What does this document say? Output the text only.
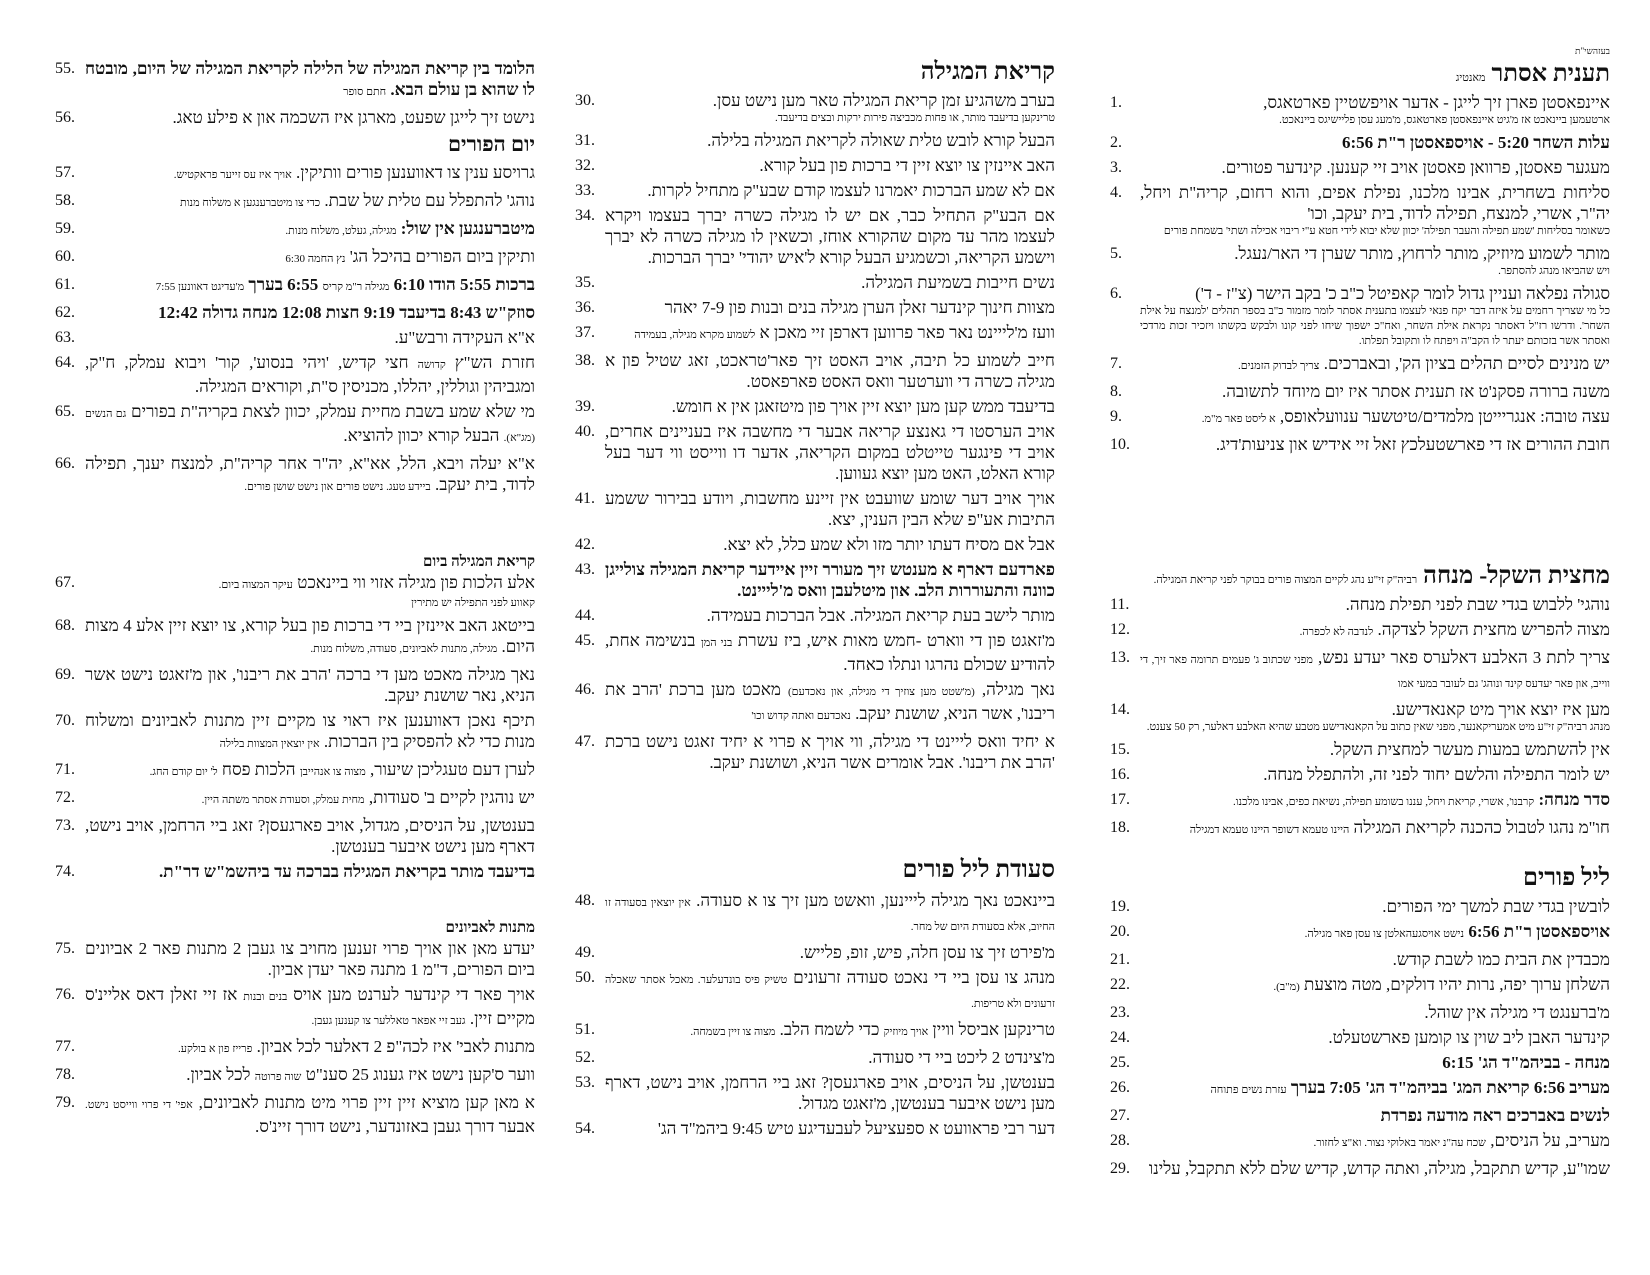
בעזהשי"ת
תענית אסתר מאנטיג
איינפאסטן פארן זיך לייגן - אדער אויפשטיין פארטאגס,
ארטעמען ביינאכט אז מ'גיט איינפאסטן פארטאגס, מ'מעג עסן פליישיגס ביינאכט.
1.
עלות השחר 5:20 - אויספאסטן ר"ת 6:56
2.
מעגער פאסטן, פרוואן פאסטן אויב זיי קענען. קינדער פטורים.
3.
סליחות בשחרית, אבינו מלכנו, נפילת אפים, והוא רחום, קריה"ת ויחל, יה"ר, אשרי, למנצח, תפילה לדוד, בית יעקב, וכו'
כשאומר בסליחות 'שמע תפילה והעבר תפילה' יכוון שלא יבוא לידי חטא ע"י ריבוי אכילה ושתי' בשמחת פורים
4.
מותר לשמוע מיוזיק, מותר לרחוץ, מותר שערן די האר/נעגל.
ויש שהביאו מנהג להסתפר.
5.
סגולה נפלאה ועניין גדול לומר קאפיטל כ"ב כ' בקב הישר (צ"ז - ד')
כל מי שצריך רחמים על איזה דבר יקח פנאי לעצמו בתענית אסתר לומר מזמור כ"ב בספר תהלים 'למנצח על אילת השחר'. ודרשו רז"ל דאסתר נקראת אילת השחר, ואח"כ ישפוך שיחו לפני קונו ולבקש בקשתו ויזכיר זכות מרדכי ואסתר אשר בזכותם יעתר לו הקב"ה ויפתח לו ותקובל תפלתו.
6.
יש מנינים לסיים תהלים בציון הק', ובאברכים. צריך לבדוק הזמנים.
7.
משנה ברורה פסקנ'ט אז תענית אסתר איז יום מיוחד לתשובה.
8.
עצה טובה: אנגריייטן מלמדים/טיטשער ענוועלאופס, א ליסט פאר מ"מ.
9.
חובת ההורים אז די פארשטעלכץ זאל זיי אידיש און צניעות'דיג.
10.
מחצית השקל- מנחה רביה"ק זי"ע נהג לקיים המצוה פורים בבוקר לפני קריאת המגילה.
נוהגי' ללבוש בגדי שבת לפני תפילת מנחה.
11.
מצוה להפריש מחצית השקל לצדקה. לנדבה לא לכפרה.
12.
צריך לתת 3 האלבע דאלערס פאר יעדע נפש, מפני שכתוב ג' פעמים תרומה פאר זיך, די ווייב, און פאר יעדעס קינד ונוהג' גם לעובר במעי אמו
13.
מען איז יוצא אויך מיט קאנאדישע.
מנהג רביה"ק זי"ע מיט אמעריקאנער, מפני שאין כתוב על הקאנאדישע מטבע שהיא האלבע דאלער, רק 50 צענט.
14.
אין להשתמש במעות מעשר למחצית השקל.
15.
יש לומר התפילה והלשם יחוד לפני זה, ולהתפלל מנחה.
16.
סדר מנחה: קרבנו', אשרי, קריאת ויחל, עננו בשומע תפילה, נשיאת כפים, אבינו מלכנו.
17.
חו"מ נהגו לטבול כהכנה לקריאת המגילה היינו טעמא דשופר היינו טעמא דמגילה
18.
ליל פורים
לובשין בגדי שבת למשך ימי הפורים.
19.
אויספאסטן ר"ת 6:56 נישט אויסגעהאלטן צו עסן פאר מגילה.
20.
מכבדין את הבית כמו לשבת קודש.
21.
השלחן ערוך יפה, נרות יהיו דולקים, מטה מוצעת (מ"ב).
22.
מ'ברענגט די מגילה אין שוהל.
23.
קינדער האבן ליב שוין צו קומען פארשטעלט.
24.
מנחה - בביהמ"ד הג' 6:15
25.
מעריב 6:56 קריאת המג' בביהמ"ד הג' 7:05 בערך עזרת נשים פתוחה
26.
לנשים באברכים ראה מודעה נפרדת
27.
מעריב, על הניסים, שכח עה"נ יאמר באלוקי נצור. וא"צ לחזור.
28.
שמו"ע, קדיש תתקבל, מגילה, ואתה קדוש, קדיש שלם ללא תתקבל, עלינו
29.
קריאת המגילה
בערב משהגיע זמן קריאת המגילה טאר מען נישט עסן.
טרינקען בדיעבד מותר, או פחות מכביצה פירות ירקות ובצים בדיעבד.
30.
הבעל קורא לובש טלית שאולה לקריאת המגילה בלילה.
31.
האב איינזין צו יוצא זיין די ברכות פון בעל קורא.
32.
אם לא שמע הברכות יאמרנו לעצמו קודם שבע"ק מתחיל לקרות.
33.
אם הבע"ק התחיל כבר, אם יש לו מגילה כשרה יברך בעצמו ויקרא לעצמו מהר עד מקום שהקורא אוחז, וכשאין לו מגילה כשרה לא יברך וישמע הקריאה, וכשמגיע הבעל קורא ל'איש יהודי' יברך הברכות.
34.
נשים חייבות בשמיעת המגילה.
35.
מצוות חינוך קינדער זאלן הערן מגילה בנים ובנות פון 7-9 יאהר
36.
וועז מ'לייינט נאר פאר פרווען דארפן זיי מאכן א לשמוע מקרא מגילה, בעמידה
37.
חייב לשמוע כל תיבה, אויב האסט זיך פאר'טראכט, זאג שטיל פון א מגילה כשרה די ווערטער וואס האסט פארפאסט.
38.
בדיעבד ממש קען מען יוצא זיין אויך פון מיטזאגן אין א חומש.
39.
אויב הערסטו די גאנצע קריאה אבער די מחשבה איז בעניינים אחרים, אויב די פינגער טייטלט במקום הקריאה, אדער דו ווייסט ווי דער בעל קורא האלט, האט מען יוצא געווען.
40.
אויך אויב דער שומע שוועבט אין זיינע מחשבות, ויודע בבירור ששמע התיבות אע"פ שלא הבין הענין, יצא.
41.
אבל אם מסיח דעתו יותר מזו ולא שמע כלל, לא יצא.
42.
פארדעם דארף א מענטש זיך מעורר זיין איידער קריאת המגילה צולייגן כוונה והתעוררות הלב. און מיטלעבן וואס מ'לייינט.
43.
מותר לישב בעת קריאת המגילה. אבל הברכות בעמידה.
44.
מ'זאגט פון די ווארט -חמש מאות איש, ביז עשרת בני המן בנשימה אחת, להודיע שכולם נהרגו ונתלו כאחד.
45.
נאך מגילה, (מ'שטט מען צוזיך די מגילה, און נאכדעם) מאכט מען ברכת 'הרב את ריבנו', אשר הניא, שושנת יעקב. נאכדעם ואתה קדוש וכו'
46.
א יחיד וואס לייינט די מגילה, ווי אויך א פרוי א יחיד זאגט נישט ברכת 'הרב את ריבנו'. אבל אומרים אשר הניא, ושושנת יעקב.
47.
סעודת ליל פורים
ביינאכט נאך מגילה לייינען, וואשט מען זיך צו א סעודה. אין יוצאין בסעודה זו החיוב, אלא בסעודת היום של מחר.
48.
מ'פירט זיך צו עסן חלה, פיש, זופ, פלייש.
49.
מנהג צו עסן ביי די נאכט סעודה זרעונים טשיק פיס בונדעלער. מאכל אסתר שאכלה זרעונים ולא טריפות.
50.
טרינקען אביסל וויין אויך מיוזיק כדי לשמח הלב. מצוה צו זיין בשמחה.
51.
מ'צינדט 2 ליכט ביי די סעודה.
52.
בענטשן, על הניסים, אויב פארגעסן? זאג ביי הרחמן, אויב נישט, דארף מען נישט איבער בענטשן, מ'זאגט מגדול.
53.
דער רבי פראוועט א ספעציעל לעבעדיגע טיש 9:45 ביהמ"ד הג'
54.
הלומד בין קריאת המגילה של הלילה לקריאת המגילה של היום, מובטח לו שהוא בן עולם הבא. חתם סופר
55.
נישט זיך לייגן שפעט, מארגן איז השכמה און א פילע טאג.
56.
יום הפורים
גרויסע ענין צו דאווענען פורים וותיקין. אויך איז עס זייער פראקטיש.
57.
נוהג' להתפלל עם טלית של שבת. כדי צו מיטברענגען א משלוח מנות
58.
מיטברענגען אין שול: מגילה, געלט, משלוח מנות.
59.
ותיקין ביום הפורים בהיכל הג' נץ החמה 6:30
60.
ברכות 5:55 הודו 6:10 מגילה ר"מ קריס 6:55 בערך מ'עדיגט דאוונען 7:55
61.
סוזק"ש 8:43 בדיעבד 9:19 חצות 12:08 מנחה גדולה 12:42
62.
א"א העקידה ורבש"ע.
63.
חזרת הש"ץ קדושה חצי קדיש, 'ויהי בנסוע', קור' ויבוא עמלק, ח"ק, ומגביהין וגוללין, יהללו, מכניסין ס"ת, וקוראים המגילה.
64.
מי שלא שמע בשבת מחיית עמלק, יכוון לצאת בקריה"ת בפורים גם הנשים (מג"א). הבעל קורא יכוון להוציא.
65.
א"א יעלה ויבא, הלל, אא"א, יה"ר אחר קריה"ת, למנצח יענך, תפילה לדוד, בית יעקב. ביידע טעג. נישט פורים און נישט שושן פורים.
66.
קריאת המגילה ביום
אלע הלכות פון מגילה אזוי ווי ביינאכט עיקר המצוה ביום.
קאווע לפני התפילה יש מתירין
67.
בייטאג האב איינזין ביי די ברכות פון בעל קורא, צו יוצא זיין אלע 4 מצות היום. מגילה, מתנות לאביונים, סעודה, משלוח מנות.
68.
נאך מגילה מאכט מען די ברכה 'הרב את ריבנו', און מ'זאגט נישט אשר הניא, נאר שושנת יעקב.
69.
תיכף נאכן דאווענען איז ראוי צו מקיים זיין מתנות לאביונים ומשלוח מנות כדי לא להפסיק בין הברכות. אין יוצאין המצוות בלילה
70.
לערן דעם טעגליכן שיעור, מצוה צו אנהייבן הלכות פסח ל' יום קודם החג.
71.
יש נוהגין לקיים ב' סעודות, מחית עמלק, וסעודת אסתר משתה היין.
72.
בענטשן, על הניסים, מגדול, אויב פארגעסן? זאג ביי הרחמן, אויב נישט, דארף מען נישט איבער בענטשן.
73.
בדיעבד מותר בקריאת המגילה בברכה עד ביהשמ"ש דר"ת.
74.
מתנות לאביונים
יעדע מאן און אויך פרוי זענען מחויב צו געבן 2 מתנות פאר 2 אביונים ביום הפורים, ד"מ 1 מתנה פאר יעדן אביון.
75.
אויך פאר די קינדער לערנט מען אויס בנים ובנות אז זיי זאלן דאס אליינ'ס מקיים זיין. געב זיי אפאר טאללער צו קענען געבן.
76.
מתנות לאבי' איז לכה"פ 2 דאלער לכל אביון. פרייז פון א בולקע.
77.
ווער ס'קען נישט איז גענוג 25 סענ"ט שוה פרוטה לכל אביון.
78.
א מאן קען מוציא זיין זיין פרוי מיט מתנות לאביונים, אפי' די פרוי ווייסט נישט. אבער דורך געבן באזונדער, נישט דורך זיינ'ס.
79.
